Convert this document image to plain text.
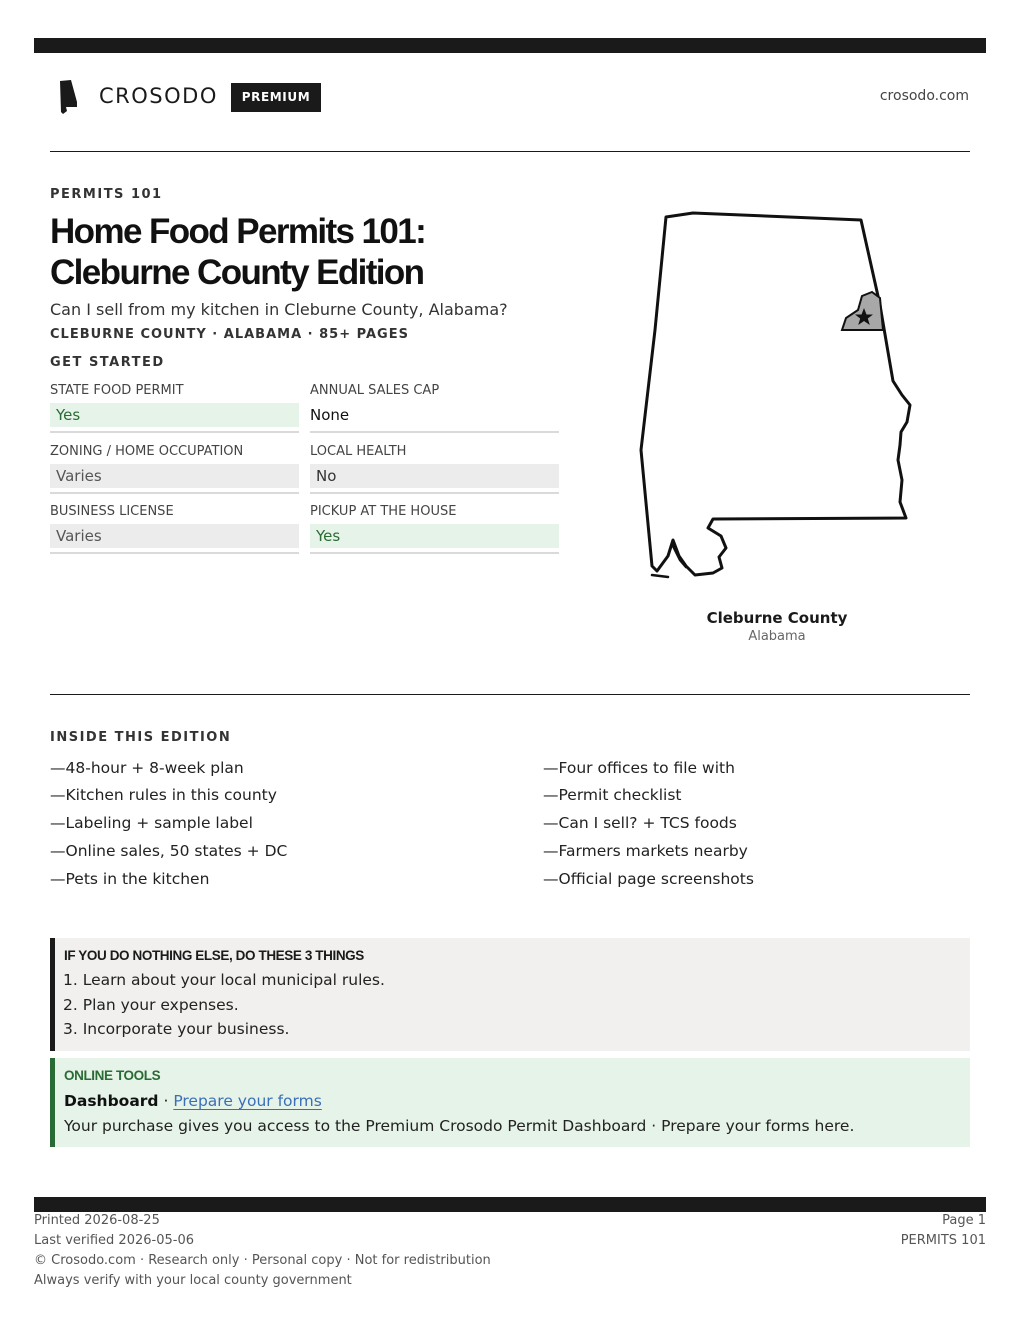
CROSODO	PREMIUM	crosodo.com
PERMITS 101
Home Food Permits 101:
Cleburne County Edition
Can I sell from my kitchen in Cleburne County, Alabama?
CLEBURNE COUNTY · ALABAMA · 85+ PAGES
GET STARTED
STATE FOOD PERMIT
Yes
ANNUAL SALES CAP
None
ZONING / HOME OCCUPATION
Varies
LOCAL HEALTH
No
BUSINESS LICENSE
Varies
PICKUP AT THE HOUSE
Yes
Cleburne County
Alabama
INSIDE THIS EDITION
—48-hour + 8-week plan
—Kitchen rules in this county
—Labeling + sample label
—Online sales, 50 states + DC
—Pets in the kitchen
—Four offices to file with
—Permit checklist
—Can I sell? + TCS foods
—Farmers markets nearby
—Official page screenshots
IF YOU DO NOTHING ELSE, DO THESE 3 THINGS
1. Learn about your local municipal rules.
2. Plan your expenses.
3. Incorporate your business.
ONLINE TOOLS
Dashboard · Prepare your forms
Your purchase gives you access to the Premium Crosodo Permit Dashboard · Prepare your forms here.
Printed 2026-08-25
Last verified 2026-05-06
© Crosodo.com · Research only · Personal copy · Not for redistribution
Always verify with your local county government
Page 1
PERMITS 101
